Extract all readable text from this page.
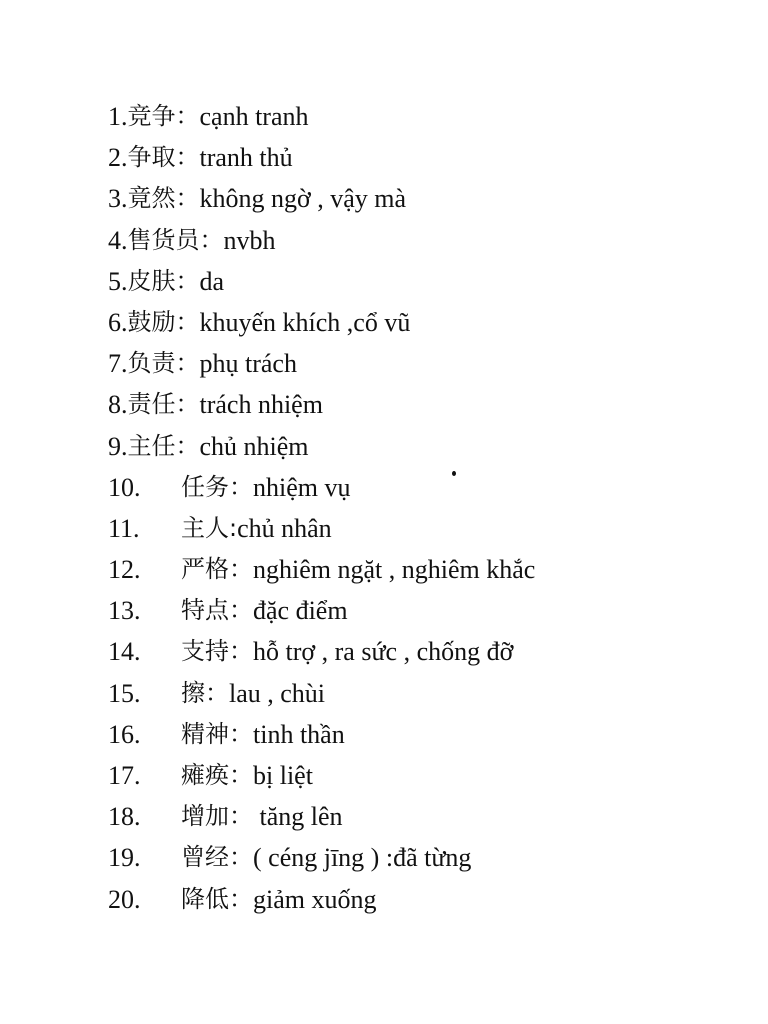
1. 竞争 ： cạnh tranh
2. 争取 ： tranh thủ
3. 竟然 ： không ngờ , vậy mà
4. 售货员 ： nvbh
5. 皮肤 ： da
6. 鼓励 ： khuyến khích ,cổ vũ
7. 负责 ： phụ trách
8. 责任 ： trách nhiệm
9. 主任 ： chủ nhiệm
10.	任务 ： nhiệm vụ
11.	主人 : chủ nhân
12.	严格 ： nghiêm ngặt , nghiêm khắc
13.	特点 ： đặc điểm
14.	支持 ： hỗ trợ , ra sức , chống đỡ
15.	擦 ： lau , chùi
16.	精神 ： tinh thần
17.	瘫痪 ： bị liệt
18.	增加 ： tăng lên
19.	曾经 ： ( céng jīng ) :đã từng
20.	降低 ： giảm xuống
